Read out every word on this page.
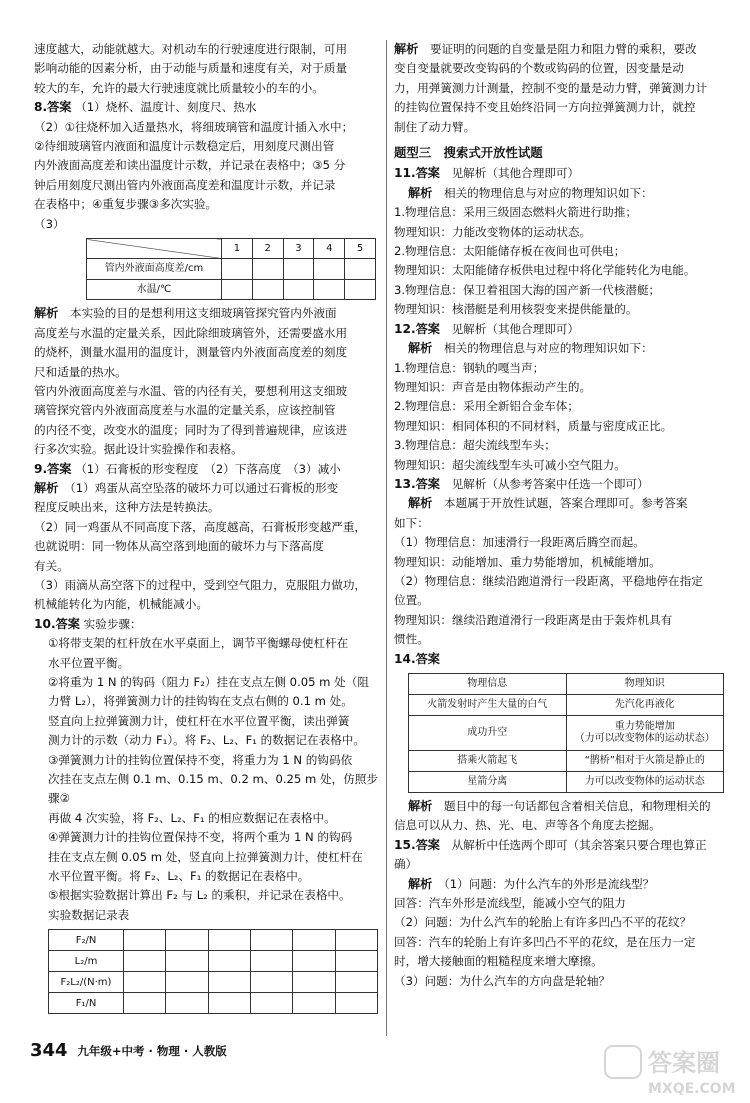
速度越大，动能就越大。对机动车的行驶速度进行限制，可用

影响动能的因素分析，由于动能与质量和速度有关，对于质量

较大的车，允许的最大行驶速度就比质量较小的车的小。

8.答案 （1）烧杯、温度计、刻度尺、热水

（2）①往烧杯加入适量热水，将细玻璃管和温度计插入水中；

②待细玻璃管内液面和温度计示数稳定后，用刻度尺测出管

内外液面高度差和读出温度计示数，并记录在表格中；③5 分

钟后用刻度尺测出管内外液面高度差和温度计示数，并记录

在表格中；④重复步骤③多次实验。

（3）

	1	2	3	4	5
管内外液面高度差/cm					
水温/℃					

解析　 本实验的目的是想利用这支细玻璃管探究管内外液面

高度差与水温的定量关系，因此除细玻璃管外，还需要盛水用

的烧杯，测量水温用的温度计，测量管内外液面高度差的刻度

尺和适量的热水。

管内外液面高度差与水温、管的内径有关，要想利用这支细玻

璃管探究管内外液面高度差与水温的定量关系，应该控制管

的内径不变，改变水的温度；同时为了得到普遍规律，应该进

行多次实验。据此设计实验操作和表格。

9.答案 （1）石膏板的形变程度　（2）下落高度　（3）减小

解析　 （1）鸡蛋从高空坠落的破坏力可以通过石膏板的形变

程度反映出来，这种方法是转换法。

（2）同一鸡蛋从不同高度下落，高度越高，石膏板形变越严重，

也就说明：同一物体从高空落到地面的破坏力与下落高度

有关。

（3）雨滴从高空落下的过程中，受到空气阻力，克服阻力做功，

机械能转化为内能，机械能减小。

10.答案 实验步骤：

①将带支架的杠杆放在水平桌面上，调节平衡螺母使杠杆在

水平位置平衡。

②将重为 1 N 的钩码（阻力 F₂）挂在支点左侧 0.05 m 处（阻

力臂 L₂），将弹簧测力计的挂钩钩在支点右侧的 0.1 m 处。

竖直向上拉弹簧测力计，使杠杆在水平位置平衡，读出弹簧

测力计的示数（动力 F₁）。将 F₂、L₂、F₁ 的数据记在表格中。

③弹簧测力计的挂钩位置保持不变，将重力为 1 N 的钩码依

次挂在支点左侧 0.1 m、0.15 m、0.2 m、0.25 m 处，仿照步骤②

再做 4 次实验，将 F₂、L₂、F₁ 的相应数据记在表格中。

④弹簧测力计的挂钩位置保持不变，将两个重为 1 N 的钩码

挂在支点左侧 0.05 m 处，竖直向上拉弹簧测力计，使杠杆在

水平位置平衡。将 F₂、L₂、F₁ 的数据记在表格中。

⑤根据实验数据计算出 F₂ 与 L₂ 的乘积，并记录在表格中。

实验数据记录表

F₂/N						
L₂/m						
F₂L₂/(N·m)						
F₁/N						

解析　 要证明的问题的自变量是阻力和阻力臂的乘积，要改

变自变量就要改变钩码的个数或钩码的位置，因变量是动

力，用弹簧测力计测量，控制不变的量是动力臂，弹簧测力计

的挂钩位置保持不变且始终沿同一方向拉弹簧测力计，就控

制住了动力臂。

题型三　搜索式开放性试题

11.答案　 见解析（其他合理即可）

解析　 相关的物理信息与对应的物理知识如下：

1.物理信息：采用三级固态燃料火箭进行助推；

物理知识：力能改变物体的运动状态。

2.物理信息：太阳能储存板在夜间也可供电；

物理知识：太阳能储存板供电过程中将化学能转化为电能。

3.物理信息：保卫着祖国大海的国产新一代核潜艇；

物理知识：核潜艇是利用核裂变来提供能量的。

12.答案　 见解析（其他合理即可）

解析　 相关的物理信息与对应的物理知识如下：

1.物理信息：钢轨的嘎当声；

物理知识：声音是由物体振动产生的。

2.物理信息：采用全新铝合金车体；

物理知识：相同体积的不同材料，质量与密度成正比。

3.物理信息：超尖流线型车头；

物理知识：超尖流线型车头可减小空气阻力。

13.答案　 见解析（从参考答案中任选一个即可）

解析　 本题属于开放性试题，答案合理即可。参考答案

如下：

（1）物理信息：加速滑行一段距离后腾空而起。

物理知识：动能增加、重力势能增加，机械能增加。

（2）物理信息：继续沿跑道滑行一段距离，平稳地停在指定

位置。

物理知识：继续沿跑道滑行一段距离是由于轰炸机具有

惯性。

14.答案

物理信息	物理知识
火箭发射时产生大量的白气	先汽化再液化
成功升空	重力势能增加
（力可以改变物体的运动状态）
搭乘火箭起飞	“鹊桥”相对于火箭是静止的
星箭分离	力可以改变物体的运动状态

解析　 题目中的每一句话都包含着相关信息，和物理相关的

信息可以从力、热、光、电、声等各个角度去挖掘。

15.答案　 从解析中任选两个即可（其余答案只要合理也算正

确）

解析　 （1）问题：为什么汽车的外形是流线型？

回答：汽车外形是流线型，能减小空气的阻力

（2）问题：为什么汽车的轮胎上有许多凹凸不平的花纹？

回答：汽车的轮胎上有许多凹凸不平的花纹，是在压力一定

时，增大接触面的粗糙程度来增大摩擦。

（3）问题：为什么汽车的方向盘是轮轴？

344 九年级+中考 · 物理 · 人教版	答案圈
MXQE.COM
